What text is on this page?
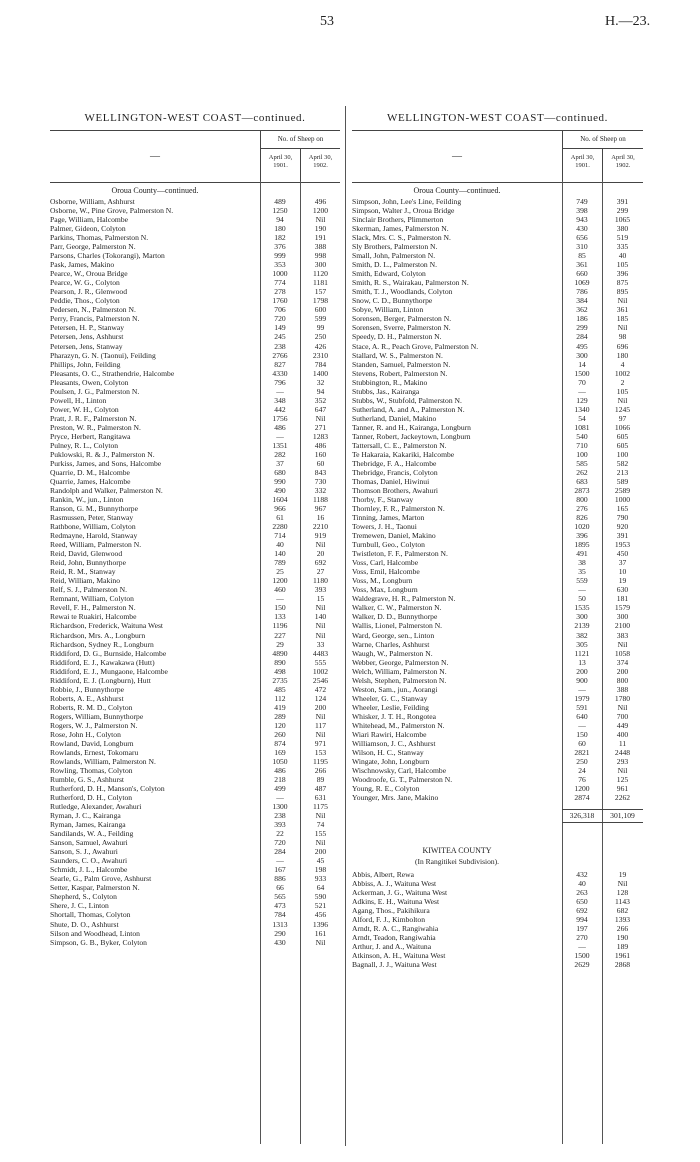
53	H.—23.
WELLINGTON-WEST COAST—continued.
—
No. of Sheep on
April 30,
1901.
April 30,
1902.
Oroua County—continued.
Osborne, William, Ashhurst	489	496
Osborne, W., Pine Grove, Palmerston N.	1250	1200
Page, William, Halcombe	94	Nil
Palmer, Gideon, Colyton	180	190
Parkins, Thomas, Palmerston N.	182	191
Parr, George, Palmerston N.	376	388
Parsons, Charles (Tokorangi), Marton	999	998
Pask, James, Makino	353	300
Pearce, W., Oroua Bridge	1000	1120
Pearce, W. G., Colyton	774	1181
Pearson, J. R., Glenwood	278	157
Peddie, Thos., Colyton	1760	1798
Pedersen, N., Palmerston N.	706	600
Perry, Francis, Palmerston N.	720	599
Petersen, H. P., Stanway	149	99
Petersen, Jens, Ashhurst	245	250
Petersen, Jens, Stanway	238	426
Pharazyn, G. N. (Taonui), Feilding	2766	2310
Phillips, John, Feilding	827	784
Pleasants, O. C., Strathendrie, Halcombe	4330	1400
Pleasants, Owen, Colyton	796	32
Poulsen, J. G., Palmerston N.	—	94
Powell, H., Linton	348	352
Power, W. H., Colyton	442	647
Pratt, J. R. F., Palmerston N.	1756	Nil
Preston, W. R., Palmerston N.	486	271
Pryce, Herbert, Rangitawa	—	1283
Pulney, R. L., Colyton	1351	486
Puklowski, R. & J., Palmerston N.	282	160
Purkiss, James, and Sons, Halcombe	37	60
Quarrie, D. M., Halcombe	680	843
Quarrie, James, Halcombe	990	730
Randolph and Walker, Palmerston N.	490	332
Rankin, W., jun., Linton	1604	1188
Ranson, G. M., Bunnythorpe	966	967
Rasmussen, Peter, Stanway	61	16
Rathbone, William, Colyton	2280	2210
Redmayne, Harold, Stanway	714	919
Reed, William, Palmerston N.	40	Nil
Reid, David, Glenwood	140	20
Reid, John, Bunnythorpe	789	692
Reid, R. M., Stanway	25	27
Reid, William, Makino	1200	1180
Relf, S. J., Palmerston N.	460	393
Remnant, William, Colyton	—	15
Revell, F. H., Palmerston N.	150	Nil
Rewai te Ruakiri, Halcombe	133	140
Richardson, Frederick, Waituna West	1196	Nil
Richardson, Mrs. A., Longburn	227	Nil
Richardson, Sydney R., Longburn	29	33
Riddiford, D. G., Burnside, Halcombe	4890	4483
Riddiford, E. J., Kawakawa (Hutt)	890	555
Riddiford, E. J., Mungaone, Halcombe	498	1002
Riddiford, E. J. (Longburn), Hutt	2735	2546
Robbie, J., Bunnythorpe	485	472
Roberts, A. E., Ashhurst	112	124
Roberts, R. M. D., Colyton	419	200
Rogers, William, Bunnythorpe	289	Nil
Rogers, W. J., Palmerston N.	120	117
Rose, John H., Colyton	260	Nil
Rowland, David, Longburn	874	971
Rowlands, Ernest, Tokomaru	169	153
Rowlands, William, Palmerston N.	1050	1195
Rowling, Thomas, Colyton	486	266
Rumble, G. S., Ashhurst	218	89
Rutherford, D. H., Manson's, Colyton	499	487
Rutherford, D. H., Colyton	—	631
Rutledge, Alexander, Awahuri	1300	1175
Ryman, J. C., Kairanga	238	Nil
Ryman, James, Kairanga	393	74
Sandilands, W. A., Feilding	22	155
Sanson, Samuel, Awahuri	720	Nil
Sanson, S. J., Awahuri	284	200
Saunders, C. O., Awahuri	—	45
Schmidt, J. L., Halcombe	167	198
Searle, G., Palm Grove, Ashhurst	886	933
Setter, Kaspar, Palmerston N.	66	64
Shepherd, S., Colyton	565	590
Shere, J. C., Linton	473	521
Shortall, Thomas, Colyton	784	456
Shute, D. O., Ashhurst	1313	1396
Silson and Woodhead, Linton	290	161
Simpson, G. B., Byker, Colyton	430	Nil
WELLINGTON-WEST COAST—continued.
—
No. of Sheep on
April 30,
1901.
April 30,
1902.
Oroua County—continued.
Simpson, John, Lee's Line, Feilding	749	391
Simpson, Walter J., Oroua Bridge	398	299
Sinclair Brothers, Plimmerton	943	1065
Skerman, James, Palmerston N.	430	380
Slack, Mrs. C. S., Palmerston N.	656	519
Sly Brothers, Palmerston N.	310	335
Small, John, Palmerston N.	85	40
Smith, D. L., Palmerston N.	361	105
Smith, Edward, Colyton	660	396
Smith, R. S., Wairakau, Palmerston N.	1069	875
Smith, T. J., Woodlands, Colyton	786	895
Snow, C. D., Bunnythorpe	384	Nil
Sobye, William, Linton	362	361
Sorensen, Berger, Palmerston N.	186	185
Sorensen, Sverre, Palmerston N.	299	Nil
Speedy, D. H., Palmerston N.	284	98
Stace, A. R., Peach Grove, Palmerston N.	495	696
Stallard, W. S., Palmerston N.	300	180
Standen, Samuel, Palmerston N.	14	4
Stevens, Robert, Palmerston N.	1500	1002
Stubbington, R., Makino	70	2
Stubbs, Jas., Kairanga	—	105
Stubbs, W., Stubfold, Palmerston N.	129	Nil
Sutherland, A. and A., Palmerston N.	1340	1245
Sutherland, Daniel, Makino	54	97
Tanner, R. and H., Kairanga, Longburn	1081	1066
Tanner, Robert, Jackeytown, Longburn	540	605
Tattersall, C. E., Palmerston N.	710	605
Te Hakaraia, Kakariki, Halcombe	100	100
Thebridge, F. A., Halcombe	585	582
Thebridge, Francis, Colyton	262	213
Thomas, Daniel, Hiwinui	683	589
Thomson Brothers, Awahuri	2873	2589
Thorby, F., Stanway	800	1000
Thornley, F. R., Palmerston N.	276	165
Tinning, James, Marton	826	790
Towers, J. H., Taonui	1020	920
Tremewen, Daniel, Makino	396	391
Turnbull, Geo., Colyton	1895	1953
Twistleton, F. F., Palmerston N.	491	450
Voss, Carl, Halcombe	38	37
Voss, Emil, Halcombe	35	10
Voss, M., Longburn	559	19
Voss, Max, Longburn	—	630
Waldegrave, H. R., Palmerston N.	50	181
Walker, C. W., Palmerston N.	1535	1579
Walker, D. D., Bunnythorpe	300	300
Wallis, Lionel, Palmerston N.	2139	2100
Ward, George, sen., Linton	382	383
Warne, Charles, Ashhurst	305	Nil
Waugh, W., Palmerston N.	1121	1058
Webber, George, Palmerston N.	13	374
Welch, William, Palmerston N.	200	200
Welsh, Stephen, Palmerston N.	900	800
Weston, Sam., jun., Aorangi	—	388
Wheeler, G. C., Stanway	1979	1780
Wheeler, Leslie, Feilding	591	Nil
Whisker, J. T. H., Rongotea	640	700
Whitehead, M., Palmerston N.	—	449
Wiari Rawiri, Halcombe	150	400
Williamson, J. C., Ashhurst	60	11
Wilson, H. C., Stanway	2821	2448
Wingate, John, Longburn	250	293
Wischnowsky, Carl, Halcombe	24	Nil
Woodroofe, G. T., Palmerston N.	76	125
Young, R. E., Colyton	1200	961
Younger, Mrs. Jane, Makino	2874	2262
326,318	301,109
KIWITEA COUNTY
(In Rangitikei Subdivision).
Abbis, Albert, Rewa	432	19
Abbiss, A. J., Waituna West	40	Nil
Ackerman, J. G., Waituna West	263	128
Adkins, E. H., Waituna West	650	1143
Agang, Thos., Pakihikura	692	682
Alford, F. J., Kimbolton	994	1393
Arndt, R. A. C., Rangiwahia	197	266
Arndt, Teadon, Rangiwahia	270	190
Arthur, J. and A., Waituna	—	189
Atkinson, A. H., Waituna West	1500	1961
Bagnall, J. J., Waituna West	2629	2868
